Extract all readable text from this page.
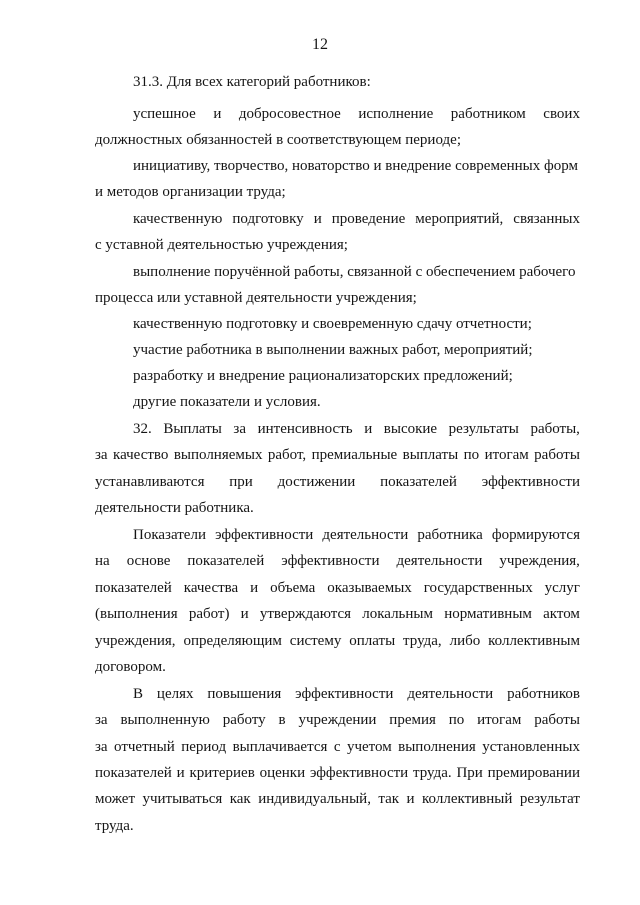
12
31.3. Для всех категорий работников:
успешное и добросовестное исполнение работником своих
должностных обязанностей в соответствующем периоде;
инициативу, творчество, новаторство и внедрение современных форм
и методов организации труда;
качественную подготовку и проведение мероприятий, связанных
с уставной деятельностью учреждения;
выполнение поручённой работы, связанной с обеспечением рабочего
процесса или уставной деятельности учреждения;
качественную подготовку и своевременную сдачу отчетности;
участие работника в выполнении важных работ, мероприятий;
разработку и внедрение рационализаторских предложений;
другие показатели и условия.
32. Выплаты за интенсивность и высокие результаты работы,
за качество выполняемых работ, премиальные выплаты по итогам работы
устанавливаются при достижении показателей эффективности
деятельности работника.
Показатели эффективности деятельности работника формируются
на основе показателей эффективности деятельности учреждения,
показателей качества и объема оказываемых государственных услуг
(выполнения работ) и утверждаются локальным нормативным актом
учреждения, определяющим систему оплаты труда, либо коллективным
договором.
В целях повышения эффективности деятельности работников
за выполненную работу в учреждении премия по итогам работы
за отчетный период выплачивается с учетом выполнения установленных
показателей и критериев оценки эффективности труда. При премировании
может учитываться как индивидуальный, так и коллективный результат
труда.
